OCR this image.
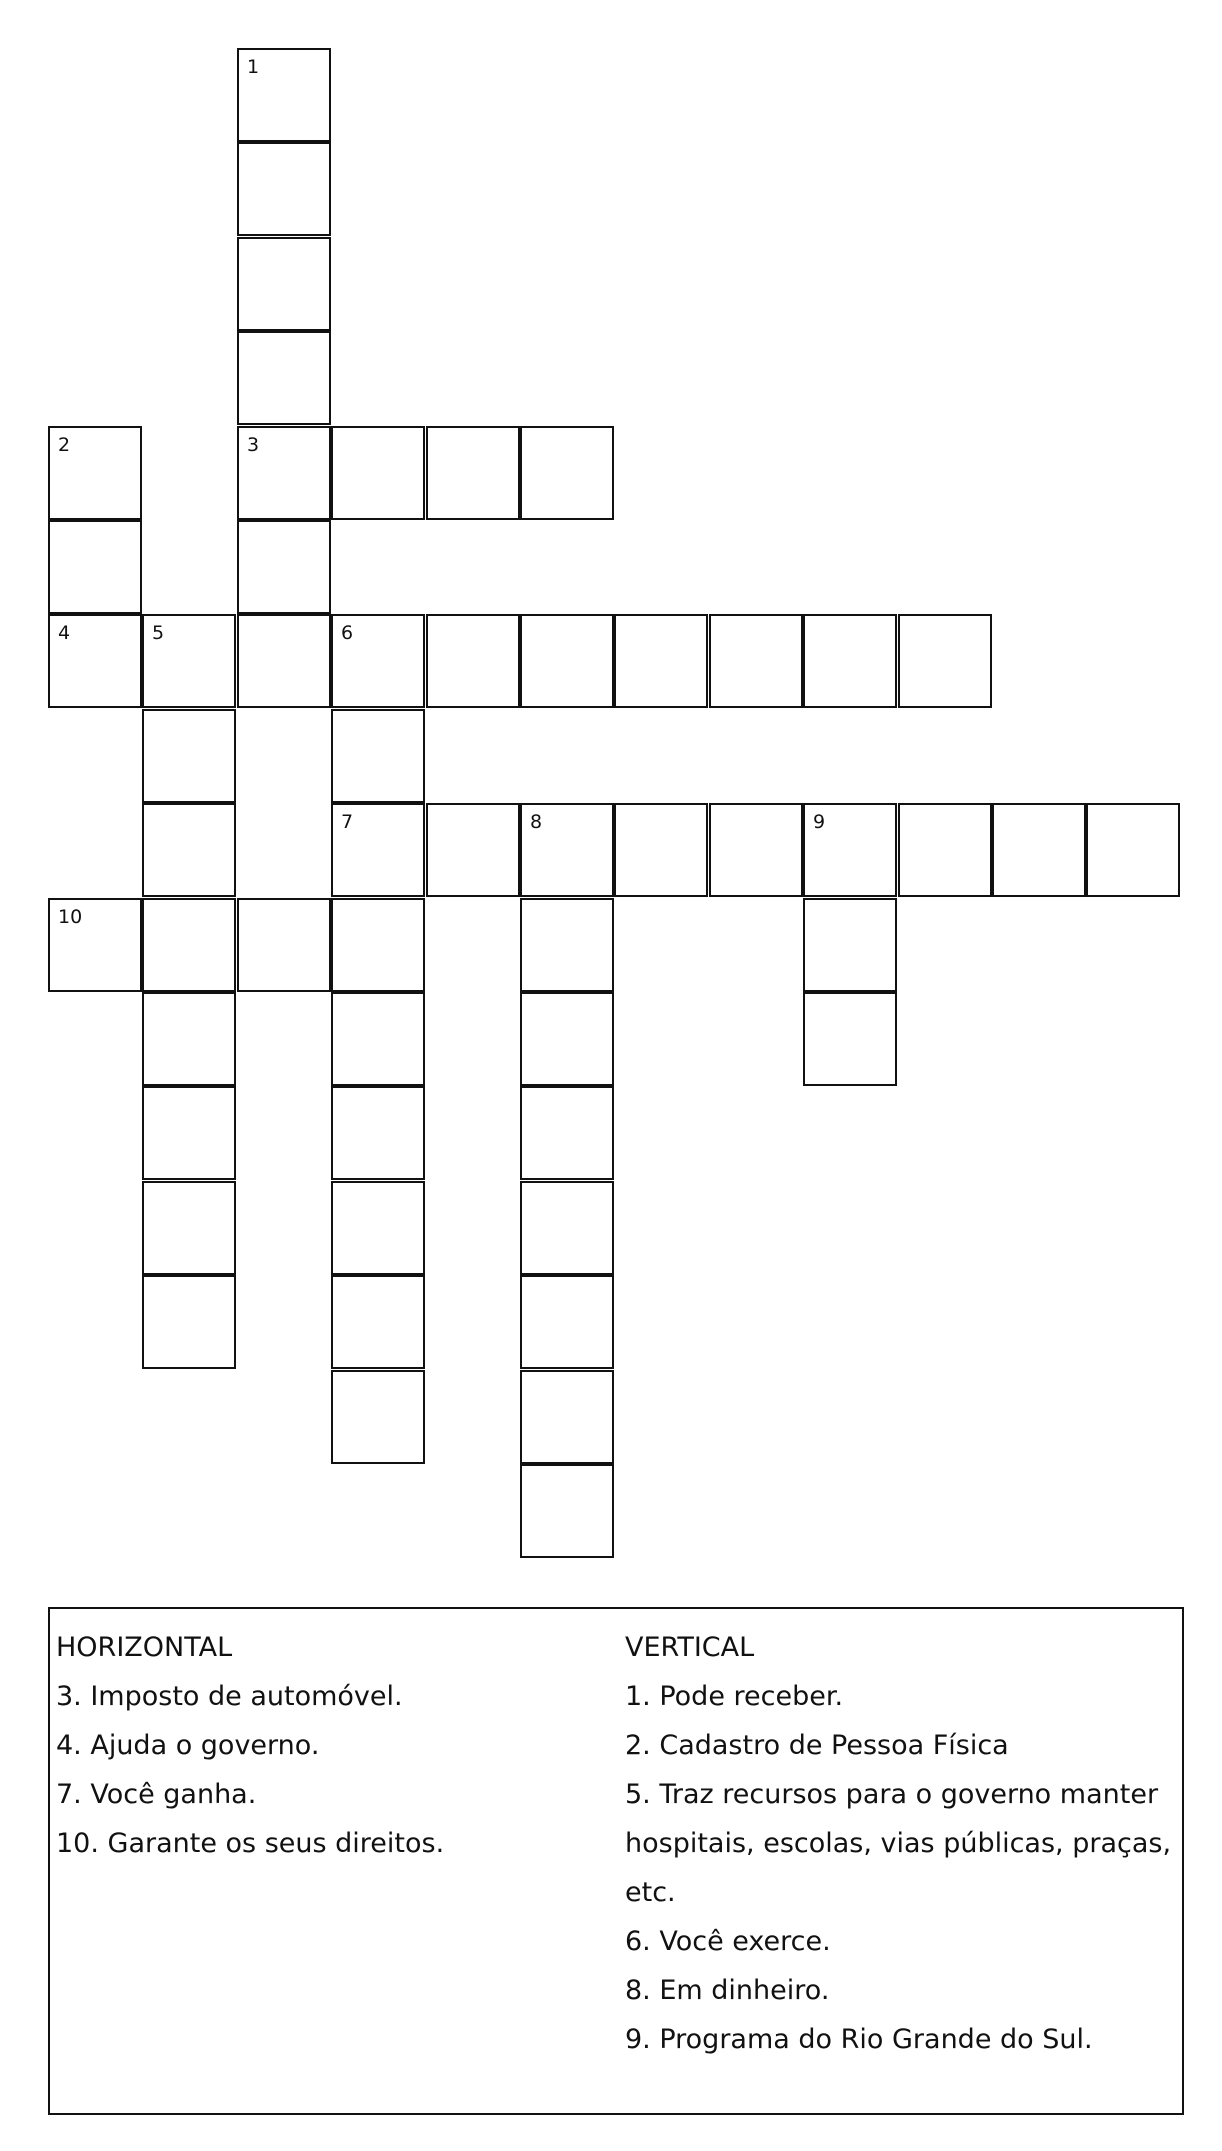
1
2	3
4	5	6
7	8	9
10

HORIZONTAL

3. Imposto de automóvel.

4. Ajuda o governo.

7. Você ganha.

10. Garante os seus direitos.

VERTICAL

1. Pode receber.

2. Cadastro de Pessoa Física

5. Traz recursos para o governo manter hospitais, escolas, vias públicas, praças, etc.

6. Você exerce.

8. Em dinheiro.

9. Programa do Rio Grande do Sul.
